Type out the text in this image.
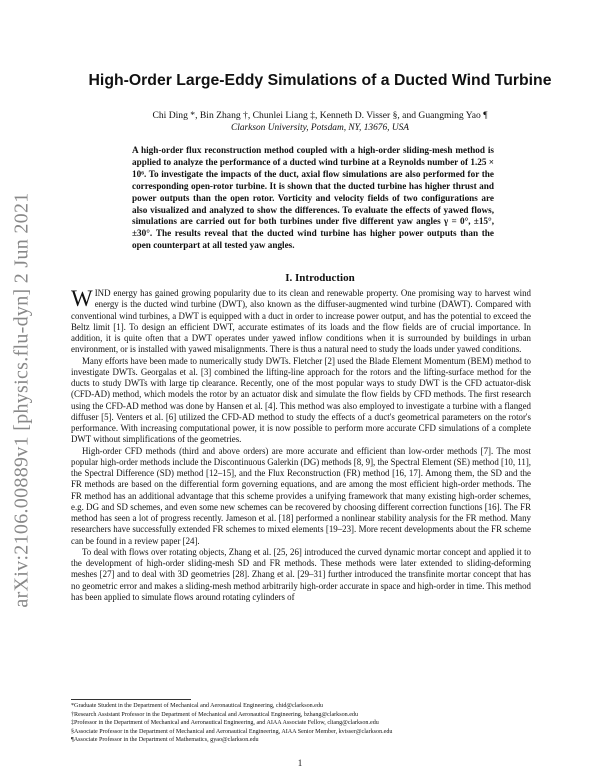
arXiv:2106.00889v1 [physics.flu-dyn] 2 Jun 2021
High-Order Large-Eddy Simulations of a Ducted Wind Turbine
Chi Ding *, Bin Zhang †, Chunlei Liang ‡, Kenneth D. Visser §, and Guangming Yao ¶
Clarkson University, Potsdam, NY, 13676, USA
A high-order flux reconstruction method coupled with a high-order sliding-mesh method is applied to analyze the performance of a ducted wind turbine at a Reynolds number of 1.25 × 10⁶. To investigate the impacts of the duct, axial flow simulations are also performed for the corresponding open-rotor turbine. It is shown that the ducted turbine has higher thrust and power outputs than the open rotor. Vorticity and velocity fields of two configurations are also visualized and analyzed to show the differences. To evaluate the effects of yawed flows, simulations are carried out for both turbines under five different yaw angles γ = 0°, ±15°, ±30°. The results reveal that the ducted wind turbine has higher power outputs than the open counterpart at all tested yaw angles.
I. Introduction

WIND energy has gained growing popularity due to its clean and renewable property. One promising way to harvest wind energy is the ducted wind turbine (DWT), also known as the diffuser-augmented wind turbine (DAWT). Compared with conventional wind turbines, a DWT is equipped with a duct in order to increase power output, and has the potential to exceed the Beltz limit [1]. To design an efficient DWT, accurate estimates of its loads and the flow fields are of crucial importance. In addition, it is quite often that a DWT operates under yawed inflow conditions when it is surrounded by buildings in urban environment, or is installed with yawed misalignments. There is thus a natural need to study the loads under yawed conditions.

Many efforts have been made to numerically study DWTs. Fletcher [2] used the Blade Element Momentum (BEM) method to investigate DWTs. Georgalas et al. [3] combined the lifting-line approach for the rotors and the lifting-surface method for the ducts to study DWTs with large tip clearance. Recently, one of the most popular ways to study DWT is the CFD actuator-disk (CFD-AD) method, which models the rotor by an actuator disk and simulate the flow fields by CFD methods. The first research using the CFD-AD method was done by Hansen et al. [4]. This method was also employed to investigate a turbine with a flanged diffuser [5]. Venters et al. [6] utilized the CFD-AD method to study the effects of a duct's geometrical parameters on the rotor's performance. With increasing computational power, it is now possible to perform more accurate CFD simulations of a complete DWT without simplifications of the geometries.

High-order CFD methods (third and above orders) are more accurate and efficient than low-order methods [7]. The most popular high-order methods include the Discontinuous Galerkin (DG) methods [8, 9], the Spectral Element (SE) method [10, 11], the Spectral Difference (SD) method [12–15], and the Flux Reconstruction (FR) method [16, 17]. Among them, the SD and the FR methods are based on the differential form governing equations, and are among the most efficient high-order methods. The FR method has an additional advantage that this scheme provides a unifying framework that many existing high-order schemes, e.g. DG and SD schemes, and even some new schemes can be recovered by choosing different correction functions [16]. The FR method has seen a lot of progress recently. Jameson et al. [18] performed a nonlinear stability analysis for the FR method. Many researchers have successfully extended FR schemes to mixed elements [19–23]. More recent developments about the FR scheme can be found in a review paper [24].

To deal with flows over rotating objects, Zhang et al. [25, 26] introduced the curved dynamic mortar concept and applied it to the development of high-order sliding-mesh SD and FR methods. These methods were later extended to sliding-deforming meshes [27] and to deal with 3D geometries [28]. Zhang et al. [29–31] further introduced the transfinite mortar concept that has no geometric error and makes a sliding-mesh method arbitrarily high-order accurate in space and high-order in time. This method has been applied to simulate flows around rotating cylinders of

*Graduate Student in the Department of Mechanical and Aeronautical Engineering, chid@clarkson.edu
†Research Assistant Professor in the Department of Mechanical and Aeronautical Engineering, bzhang@clarkson.edu
‡Professor in the Department of Mechanical and Aeronautical Engineering, and AIAA Associate Fellow, cliang@clarkson.edu
§Associate Professor in the Department of Mechanical and Aeronautical Engineering, AIAA Senior Member, kvisser@clarkson.edu
¶Associate Professor in the Department of Mathematics, gyao@clarkson.edu
1
